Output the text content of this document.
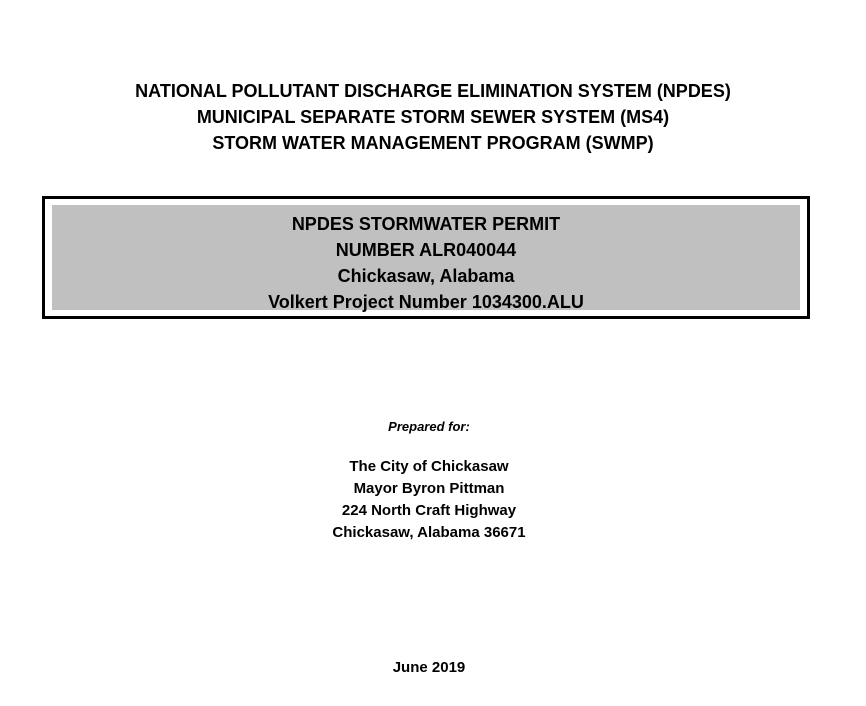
NATIONAL POLLUTANT DISCHARGE ELIMINATION SYSTEM (NPDES)
MUNICIPAL SEPARATE STORM SEWER SYSTEM (MS4)
STORM WATER MANAGEMENT PROGRAM (SWMP)
NPDES STORMWATER PERMIT
NUMBER ALR040044
Chickasaw, Alabama
Volkert Project Number 1034300.ALU
Prepared for:
The City of Chickasaw
Mayor Byron Pittman
224 North Craft Highway
Chickasaw, Alabama 36671
June 2019
